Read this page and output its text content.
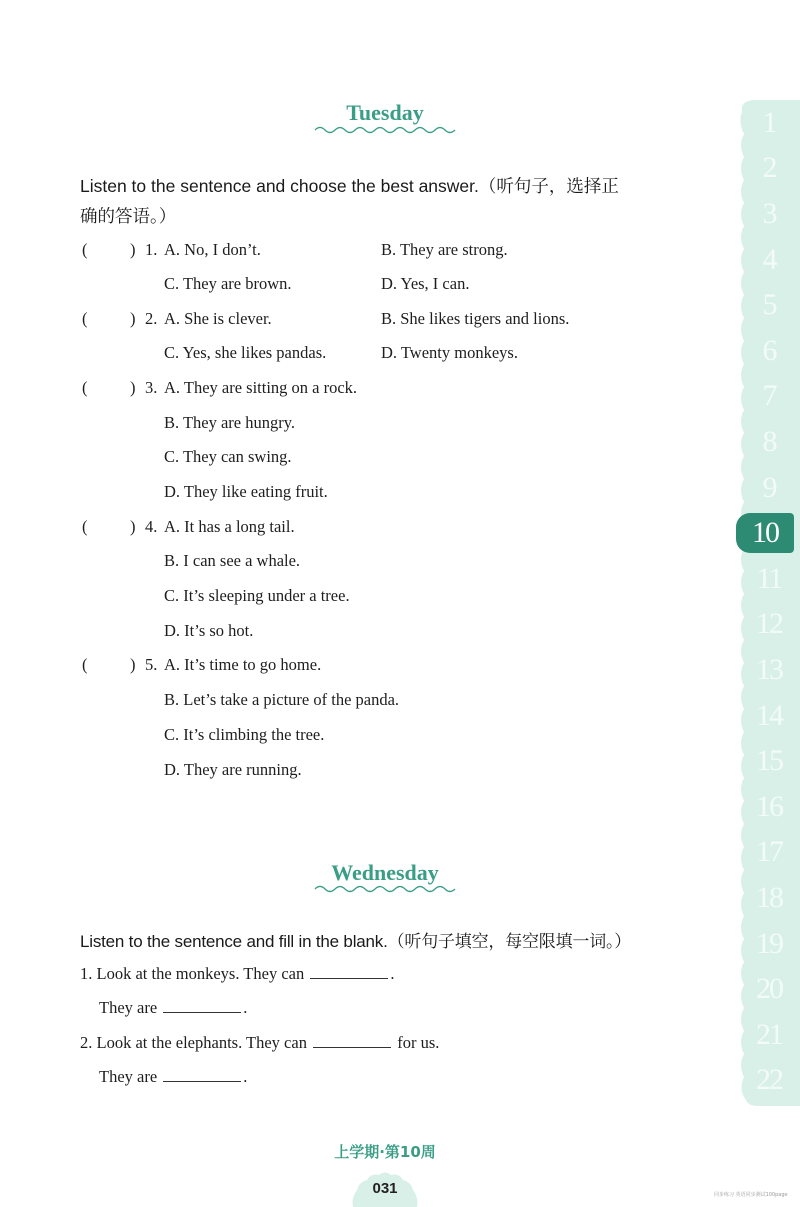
Tuesday
Listen to the sentence and choose the best answer.（听句子，选择正
确的答语。）
(	) 1. A. No, I don’t.	B. They are strong.
C. They are brown.	D. Yes, I can.
(	) 2. A. She is clever.	B. She likes tigers and lions.
C. Yes, she likes pandas.	D. Twenty monkeys.
(	) 3. A. They are sitting on a rock.
B. They are hungry.
C. They can swing.
D. They like eating fruit.
(	) 4. A. It has a long tail.
B. I can see a whale.
C. It’s sleeping under a tree.
D. It’s so hot.
(	) 5. A. It’s time to go home.
B. Let’s take a picture of the panda.
C. It’s climbing the tree.
D. They are running.
Wednesday
Listen to the sentence and fill in the blank.（听句子填空，每空限填一词。）
1. Look at the monkeys. They can	.
They are	.
2. Look at the elephants. They can	for us.
They are	.
1
2
3
4
5
6
7
8
9
10
11
12
13
14
15
16
17
18
19
20
21
22
上学期·第10周
031	同步练习 英语同步测试100page
